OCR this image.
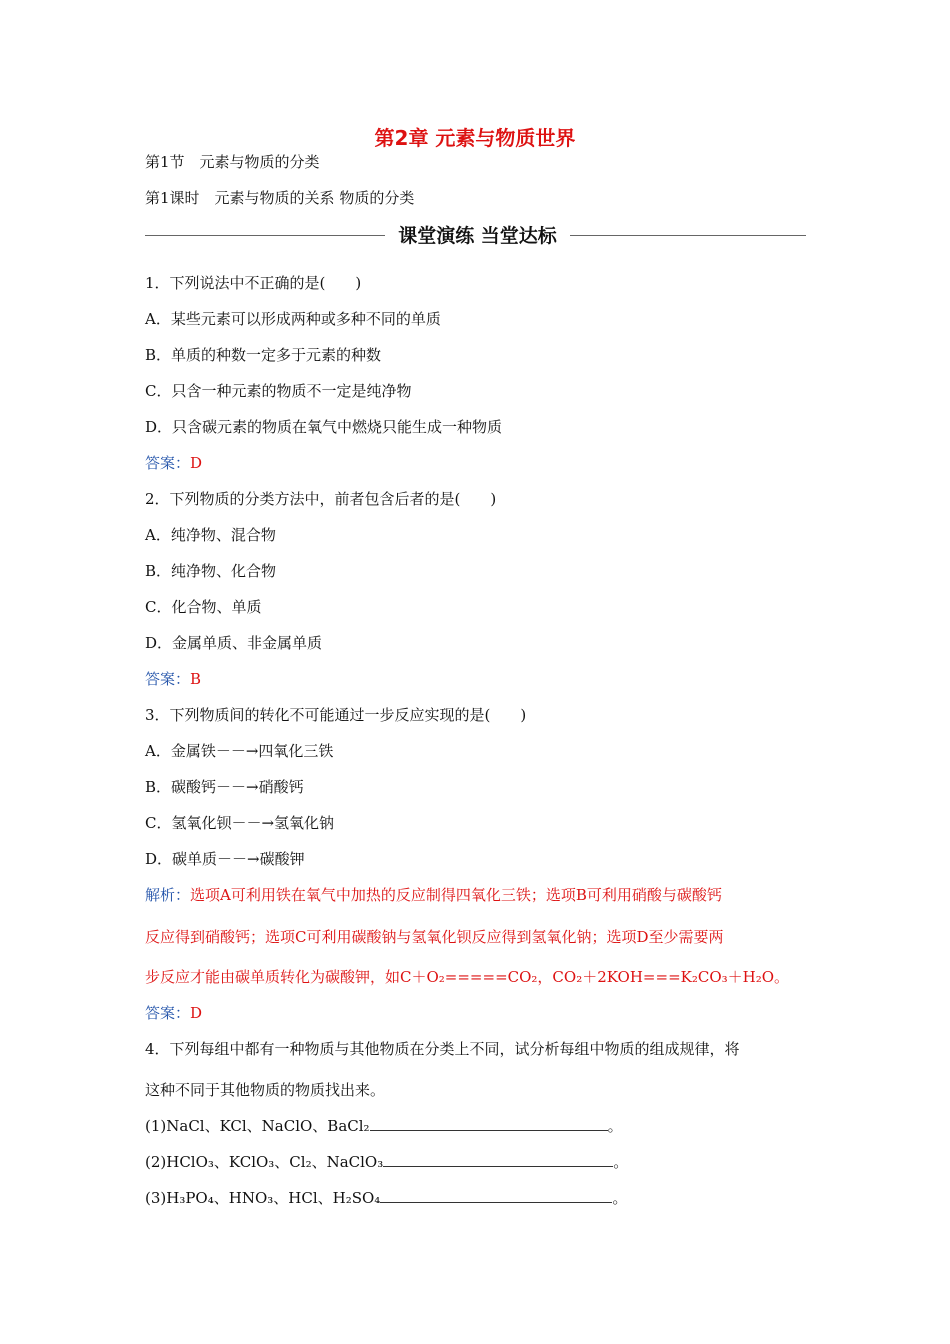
第2章 元素与物质世界
第1节　元素与物质的分类
第1课时　元素与物质的关系 物质的分类
课堂演练 当堂达标
1．下列说法中不正确的是(　　)
A．某些元素可以形成两种或多种不同的单质
B．单质的种数一定多于元素的种数
C．只含一种元素的物质不一定是纯净物
D．只含碳元素的物质在氧气中燃烧只能生成一种物质
答案：D
2．下列物质的分类方法中，前者包含后者的是(　　)
A．纯净物、混合物
B．纯净物、化合物
C．化合物、单质
D．金属单质、非金属单质
答案：B
3．下列物质间的转化不可能通过一步反应实现的是(　　)
A．金属铁－－→四氧化三铁
B．碳酸钙－－→硝酸钙
C．氢氧化钡－－→氢氧化钠
D．碳单质－－→碳酸钾
解析：选项A可利用铁在氧气中加热的反应制得四氧化三铁；选项B可利用硝酸与碳酸钙
反应得到硝酸钙；选项C可利用碳酸钠与氢氧化钡反应得到氢氧化钠；选项D至少需要两
步反应才能由碳单质转化为碳酸钾，如C＋O₂=====CO₂，CO₂＋2KOH===K₂CO₃＋H₂O。
答案：D
4．下列每组中都有一种物质与其他物质在分类上不同，试分析每组中物质的组成规律，将
这种不同于其他物质的物质找出来。
(1)NaCl、KCl、NaClO、BaCl₂	。
(2)HClO₃、KClO₃、Cl₂、NaClO₃	。
(3)H₃PO₄、HNO₃、HCl、H₂SO₄	。
